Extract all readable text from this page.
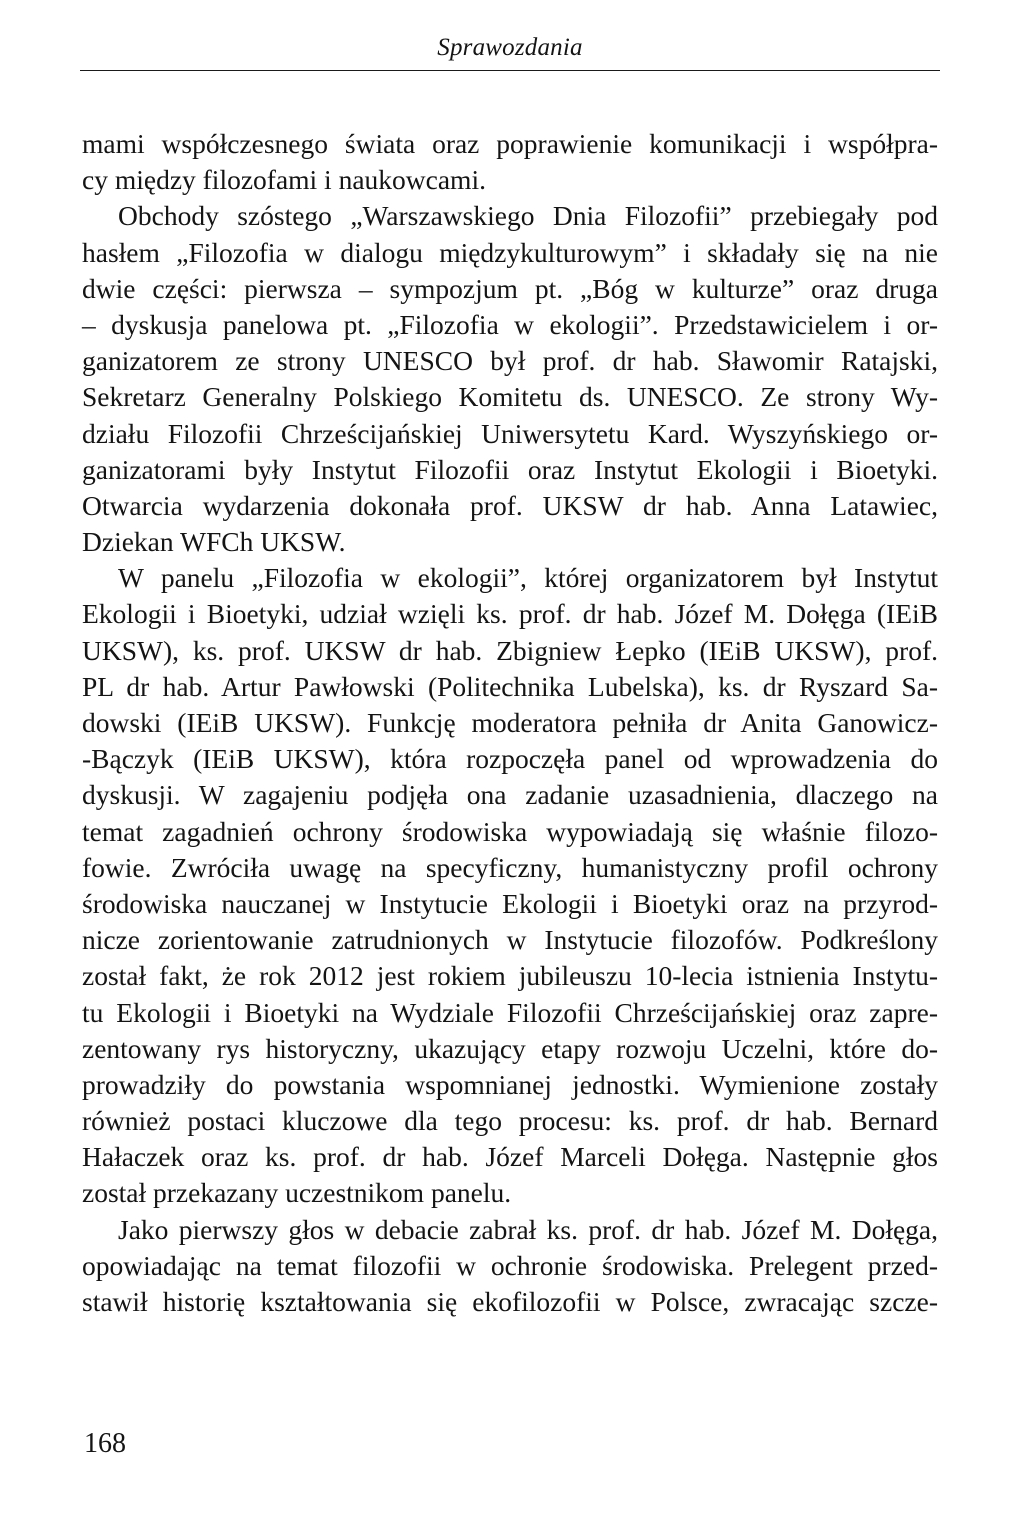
Sprawozdania
mami współczesnego świata oraz poprawienie komunikacji i współpra-
cy między filozofami i naukowcami.
Obchody szóstego „Warszawskiego Dnia Filozofii” przebiegały pod
hasłem „Filozofia w dialogu międzykulturowym” i składały się na nie
dwie części: pierwsza – sympozjum pt. „Bóg w kulturze” oraz druga
– dyskusja panelowa pt. „Filozofia w ekologii”. Przedstawicielem i or-
ganizatorem ze strony UNESCO był prof. dr hab. Sławomir Ratajski,
Sekretarz Generalny Polskiego Komitetu ds. UNESCO. Ze strony Wy-
działu Filozofii Chrześcijańskiej Uniwersytetu Kard. Wyszyńskiego or-
ganizatorami były Instytut Filozofii oraz Instytut Ekologii i Bioetyki.
Otwarcia wydarzenia dokonała prof. UKSW dr hab. Anna Latawiec,
Dziekan WFCh UKSW.
W panelu „Filozofia w ekologii”, której organizatorem był Instytut
Ekologii i Bioetyki, udział wzięli ks. prof. dr hab. Józef M. Dołęga (IEiB
UKSW), ks. prof. UKSW dr hab. Zbigniew Łepko (IEiB UKSW), prof.
PL dr hab. Artur Pawłowski (Politechnika Lubelska), ks. dr Ryszard Sa-
dowski (IEiB UKSW). Funkcję moderatora pełniła dr Anita Ganowicz-
-Bączyk (IEiB UKSW), która rozpoczęła panel od wprowadzenia do
dyskusji. W zagajeniu podjęła ona zadanie uzasadnienia, dlaczego na
temat zagadnień ochrony środowiska wypowiadają się właśnie filozo-
fowie. Zwróciła uwagę na specyficzny, humanistyczny profil ochrony
środowiska nauczanej w Instytucie Ekologii i Bioetyki oraz na przyrod-
nicze zorientowanie zatrudnionych w Instytucie filozofów. Podkreślony
został fakt, że rok 2012 jest rokiem jubileuszu 10-lecia istnienia Instytu-
tu Ekologii i Bioetyki na Wydziale Filozofii Chrześcijańskiej oraz zapre-
zentowany rys historyczny, ukazujący etapy rozwoju Uczelni, które do-
prowadziły do powstania wspomnianej jednostki. Wymienione zostały
również postaci kluczowe dla tego procesu: ks. prof. dr hab. Bernard
Hałaczek oraz ks. prof. dr hab. Józef Marceli Dołęga. Następnie głos
został przekazany uczestnikom panelu.
Jako pierwszy głos w debacie zabrał ks. prof. dr hab. Józef M. Dołęga,
opowiadając na temat filozofii w ochronie środowiska. Prelegent przed-
stawił historię kształtowania się ekofilozofii w Polsce, zwracając szcze-
168
